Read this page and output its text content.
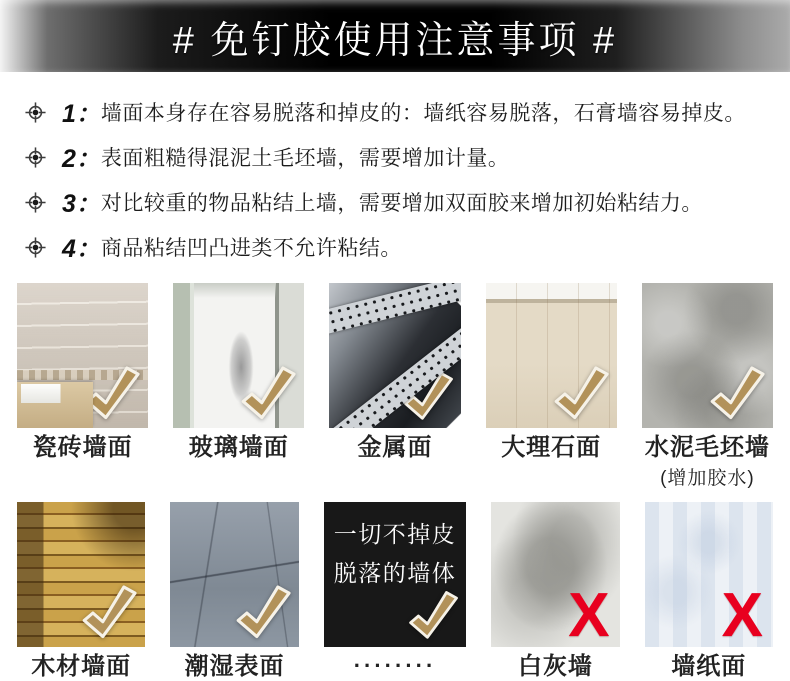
# 免钉胶使用注意事项 #
1： 墙面本身存在容易脱落和掉皮的：墙纸容易脱落，石膏墙容易掉皮。
2： 表面粗糙得混泥土毛坯墙，需要增加计量。
3： 对比较重的物品粘结上墙，需要增加双面胶来增加初始粘结力。
4： 商品粘结凹凸进类不允许粘结。
瓷砖墙面	玻璃墙面	金属面	大理石面	水泥毛坯墙
(增加胶水)
木材墙面	潮湿表面
一切不掉皮
脱落的墙体
········
X
白灰墙
X
墙纸面
